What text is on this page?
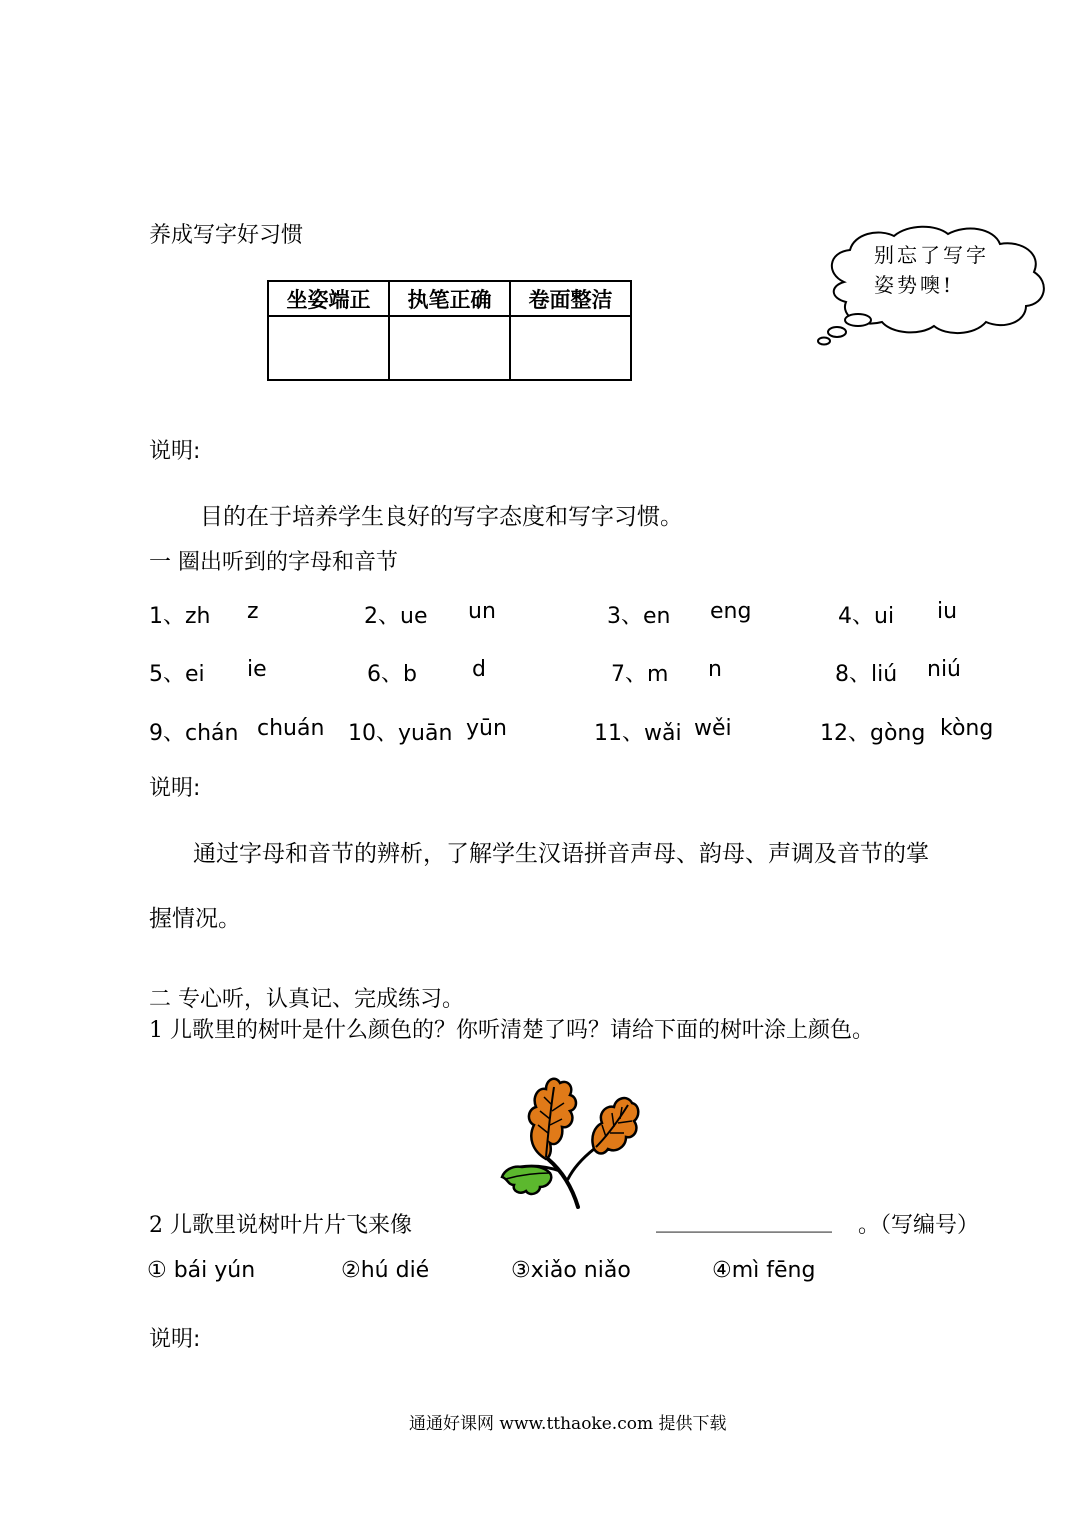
养成写字好习惯
坐姿端正	执笔正确	卷面整洁

别忘了写字
姿势噢!
说明:
目的在于培养学生良好的写字态度和写字习惯。
一 圈出听到的字母和音节
1、zh z	2、ue un	3、en eng	4、ui iu
5、ei ie	6、b	d	7、m n	8、liú niú
9、chán chuán 10、yuān yūn	11、wǎi wěi	12、gòng kòng
说明:
通过字母和音节的辨析，了解学生汉语拼音声母、韵母、声调及音节的掌
握情况。
二 专心听，认真记、完成练习。
1 儿歌里的树叶是什么颜色的？你听清楚了吗？请给下面的树叶涂上颜色。
2 儿歌里说树叶片片飞来像	________________ 。（写编号）
① bái yún	②hú dié	③xiǎo niǎo	④mì fēng
说明:
通通好课网 www.tthaoke.com 提供下载
